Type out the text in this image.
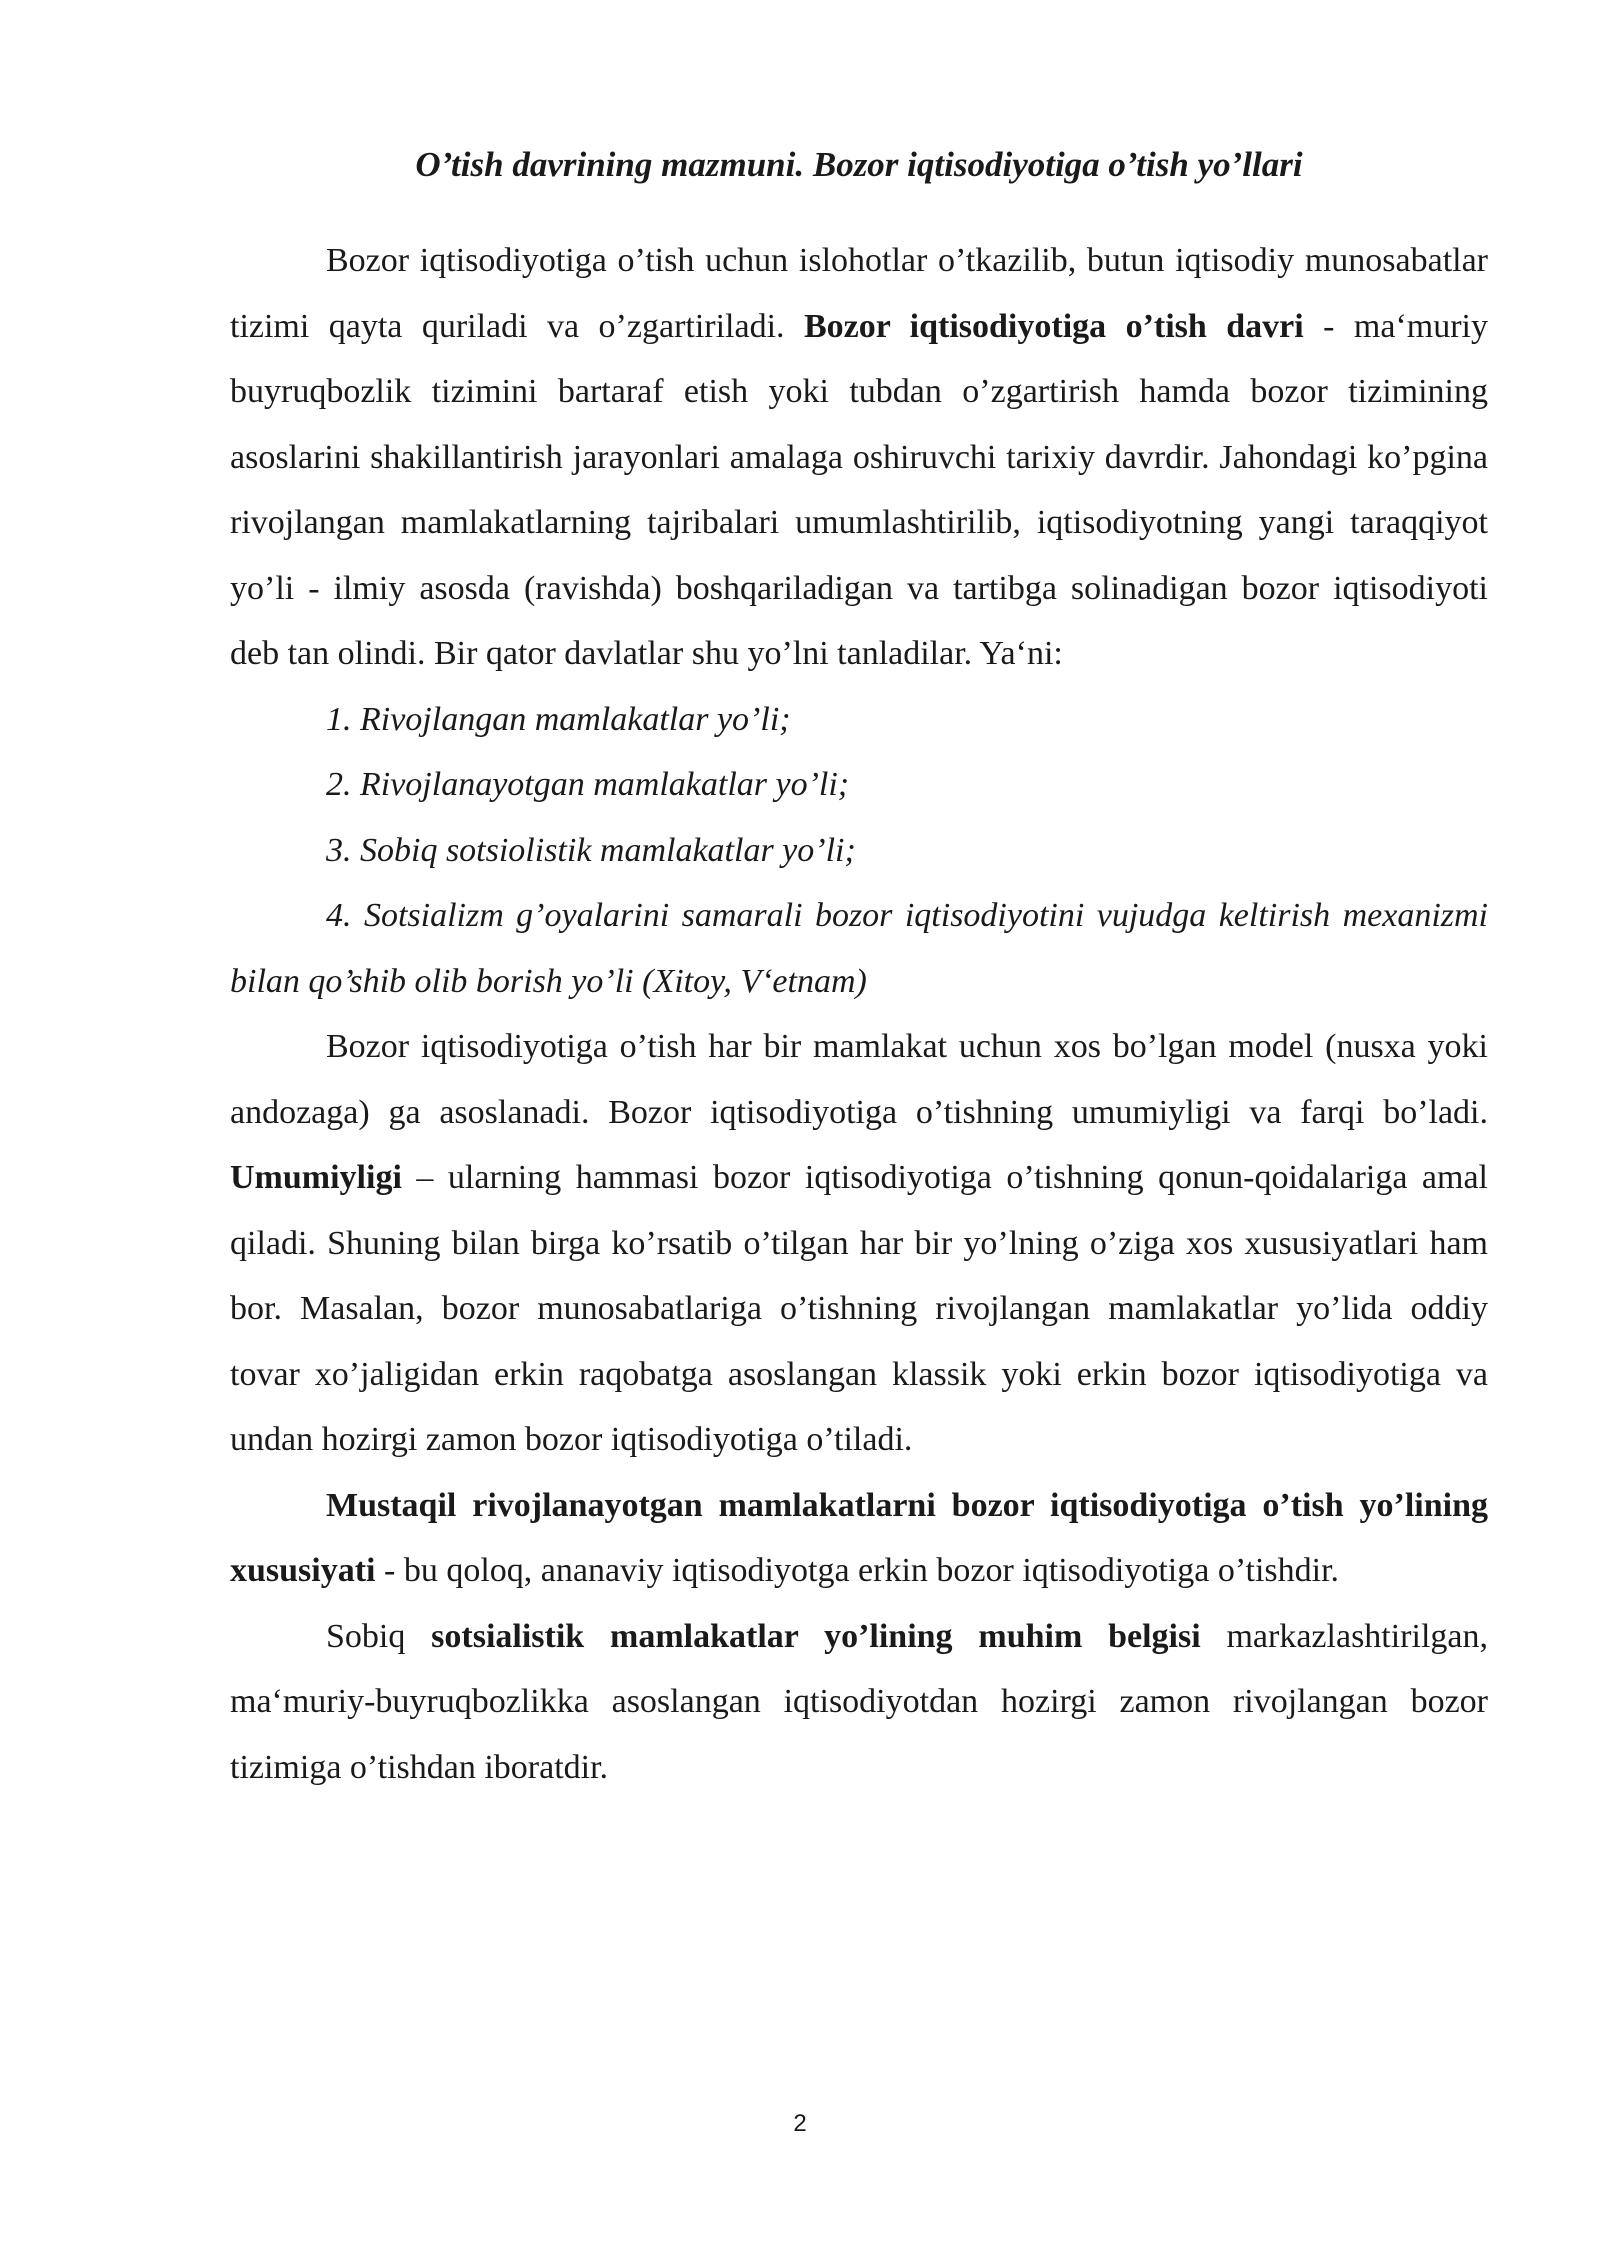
O’tish davrining mazmuni. Bozor iqtisodiyotiga o’tish yo’llari

Bozor iqtisodiyotiga o’tish uchun islohotlar o’tkazilib, butun iqtisodiy munosabatlar tizimi qayta quriladi va o’zgartiriladi. Bozor iqtisodiyotiga o’tish davri - ma‘muriy buyruqbozlik tizimini bartaraf etish yoki tubdan o’zgartirish hamda bozor tizimining asoslarini shakillantirish jarayonlari amalaga oshiruvchi tarixiy davrdir. Jahondagi ko’pgina rivojlangan mamlakatlarning tajribalari umumlashtirilib, iqtisodiyotning yangi taraqqiyot yo’li - ilmiy asosda (ravishda) boshqariladigan va tartibga solinadigan bozor iqtisodiyoti deb tan olindi. Bir qator davlatlar shu yo’lni tanladilar. Ya‘ni:

1. Rivojlangan mamlakatlar yo’li;

2. Rivojlanayotgan mamlakatlar yo’li;

3. Sobiq sotsiolistik mamlakatlar yo’li;

4. Sotsializm g’oyalarini samarali bozor iqtisodiyotini vujudga keltirish mexanizmi bilan qo’shib olib borish yo’li (Xitoy, V‘etnam)

Bozor iqtisodiyotiga o’tish har bir mamlakat uchun xos bo’lgan model (nusxa yoki andozaga) ga asoslanadi. Bozor iqtisodiyotiga o’tishning umumiyligi va farqi bo’ladi. Umumiyligi – ularning hammasi bozor iqtisodiyotiga o’tishning qonun-qoidalariga amal qiladi. Shuning bilan birga ko’rsatib o’tilgan har bir yo’lning o’ziga xos xususiyatlari ham bor. Masalan, bozor munosabatlariga o’tishning rivojlangan mamlakatlar yo’lida oddiy tovar xo’jaligidan erkin raqobatga asoslangan klassik yoki erkin bozor iqtisodiyotiga va undan hozirgi zamon bozor iqtisodiyotiga o’tiladi.

Mustaqil rivojlanayotgan mamlakatlarni bozor iqtisodiyotiga o’tish yo’lining xususiyati - bu qoloq, ananaviy iqtisodiyotga erkin bozor iqtisodiyotiga o’tishdir.

Sobiq sotsialistik mamlakatlar yo’lining muhim belgisi markazlashtirilgan, ma‘muriy-buyruqbozlikka asoslangan iqtisodiyotdan hozirgi zamon rivojlangan bozor tizimiga o’tishdan iboratdir.

2
